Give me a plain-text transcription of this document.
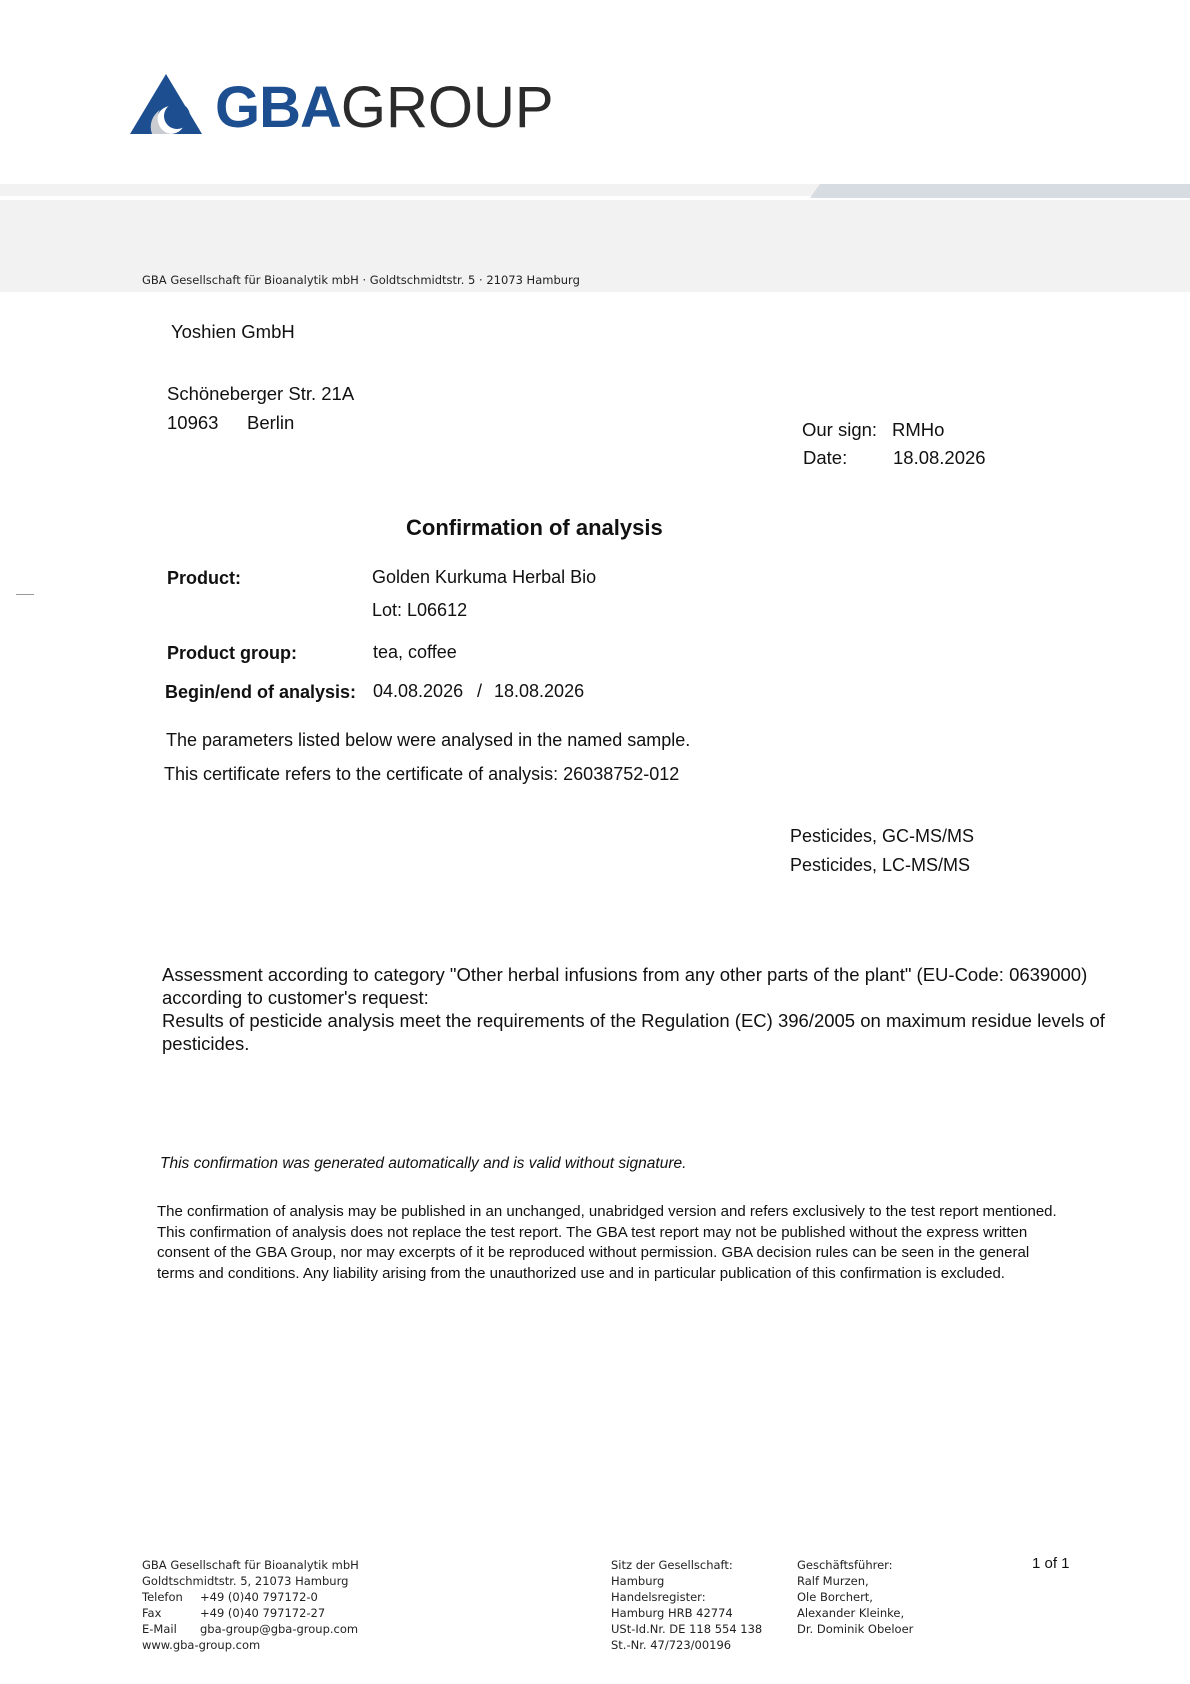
GBAGROUP
GBA Gesellschaft für Bioanalytik mbH · Goldtschmidtstr. 5 · 21073 Hamburg
Yoshien GmbH
Schöneberger Str. 21A
10963 Berlin	Our sign: RMHo
Date: 18.08.2026
Confirmation of analysis
Product:	Golden Kurkuma Herbal Bio
Lot: L06612
Product group:	tea, coffee
Begin/end of analysis: 04.08.2026 / 18.08.2026
The parameters listed below were analysed in the named sample.
This certificate refers to the certificate of analysis: 26038752-012
Pesticides, GC-MS/MS
Pesticides, LC-MS/MS
Assessment according to category "Other herbal infusions from any other parts of the plant" (EU-Code: 0639000)
according to customer's request:
Results of pesticide analysis meet the requirements of the Regulation (EC) 396/2005 on maximum residue levels of pesticides.
This confirmation was generated automatically and is valid without signature.
The confirmation of analysis may be published in an unchanged, unabridged version and refers exclusively to the test report mentioned. This confirmation of analysis does not replace the test report. The GBA test report may not be published without the express written consent of the GBA Group, nor may excerpts of it be reproduced without permission. GBA decision rules can be seen in the general terms and conditions. Any liability arising from the unauthorized use and in particular publication of this confirmation is excluded.
1 of 1
GBA Gesellschaft für Bioanalytik mbH
Goldtschmidtstr. 5, 21073 Hamburg
Telefon +49 (0)40 797172-0
Fax	+49 (0)40 797172-27
E-Mail gba-group@gba-group.com
www.gba-group.com
Sitz der Gesellschaft:
Hamburg
Handelsregister:
Hamburg HRB 42774
USt-Id.Nr. DE 118 554 138
St.-Nr. 47/723/00196
Geschäftsführer:
Ralf Murzen,
Ole Borchert,
Alexander Kleinke,
Dr. Dominik Obeloer
